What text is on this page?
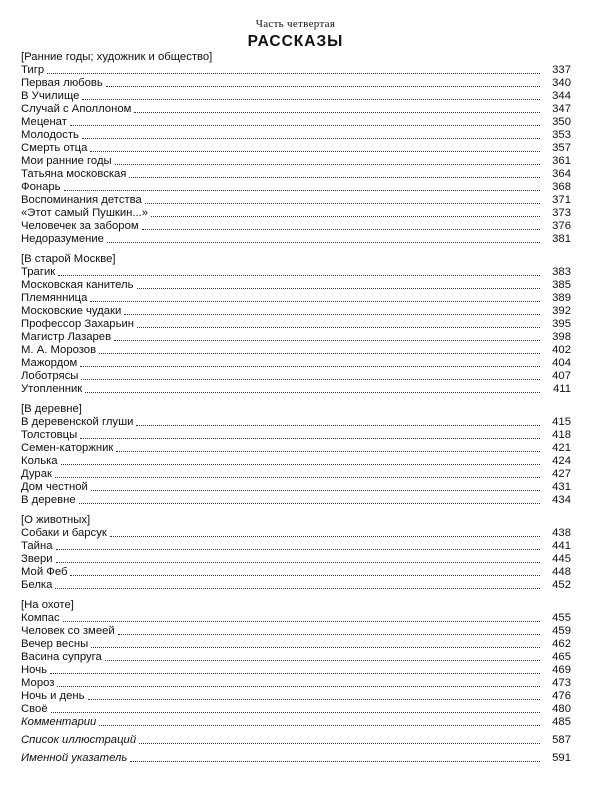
Часть четвертая
РАССКАЗЫ
[Ранние годы; художник и общество]
Тигр	337
Первая любовь	340
В Училище	344
Случай с Аполлоном	347
Меценат	350
Молодость	353
Смерть отца	357
Мои ранние годы	361
Татьяна московская	364
Фонарь	368
Воспоминания детства	371
«Этот самый Пушкин...»	373
Человечек за забором	376
Недоразумение	381
[В старой Москве]
Трагик	383
Московская канитель	385
Племянница	389
Московские чудаки	392
Профессор Захарьин	395
Магистр Лазарев	398
М. А. Морозов	402
Мажордом	404
Лоботрясы	407
Утопленник	411
[В деревне]
В деревенской глуши	415
Толстовцы	418
Семен-каторжник	421
Колька	424
Дурак	427
Дом честной	431
В деревне	434
[О животных]
Собаки и барсук	438
Тайна	441
Звери	445
Мой Феб	448
Белка	452
[На охоте]
Компас	455
Человек со змеей	459
Вечер весны	462
Васина супруга	465
Ночь	469
Мороз	473
Ночь и день	476
Своё	480
Комментарии	485
Список иллюстраций	587
Именной указатель	591
